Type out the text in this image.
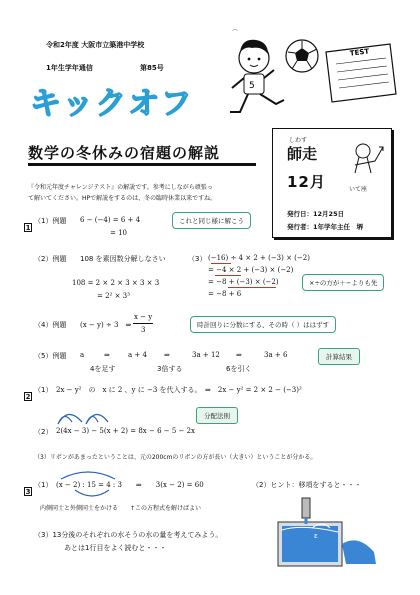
令和2年度 大阪市立築港中学校
1年生学年通信	第85号
キックオフ	5
⌒
TEST
数学の冬休みの宿題の解説
しわす
師走
12月	いて座
発行日：12月25日
発行者：1年学年主任　堺
『令和元年度チャレンジテスト』の解説です。参考にしながら頑張っ
て解いてください。HPで解説をするのは、冬の臨時休業以来ですね。
1
（1）例題 6 − (−4) = 6 + 4
= 10
これと同じ様に解こう
（2）例題 108 を素因数分解しなさい
108 = 2 × 2 × 3 × 3 × 3
= 2² × 3³
（3） (−16) ÷ 4 × 2 + (−3) × (−2)
= −4 × 2 + (−3) × (−2)
= −8 + (−3) × (−2)
= −8 + 6
×÷の方が＋−よりも先
（4）例題 (x − y) ÷ 3　⇒
x − y
3
時計回りに分数にする、その時（ ）ははずす
（5）例題 a	⇒	a + 4 ⇒	3a + 12 ⇒	3a + 6
4を足す	3倍する	6を引く
計算結果
2
（1） 2x − y²　の　x に 2 、y に −3 を代入する。　⇒　2x − y² = 2 × 2 − (−3)²
分配法則
（2） 2(4x − 3) − 5(x + 2) = 8x − 6 − 5 − 2x
（3）リボンがあまったということは、元の200cmのリボンの方が長い（大きい）ということが分かる。
3
（1） (x − 2) : 15 = 4 : 3　　⇒　　3(x − 2) = 60
内側同士と外側同士をかける　　↑この方程式を解けばよい
（2）ヒント：移項をすると・・・
（3）13分後のそれぞれの水そうの水の量を考えてみよう。
あとは1行目をよく読むと・・・
ε
